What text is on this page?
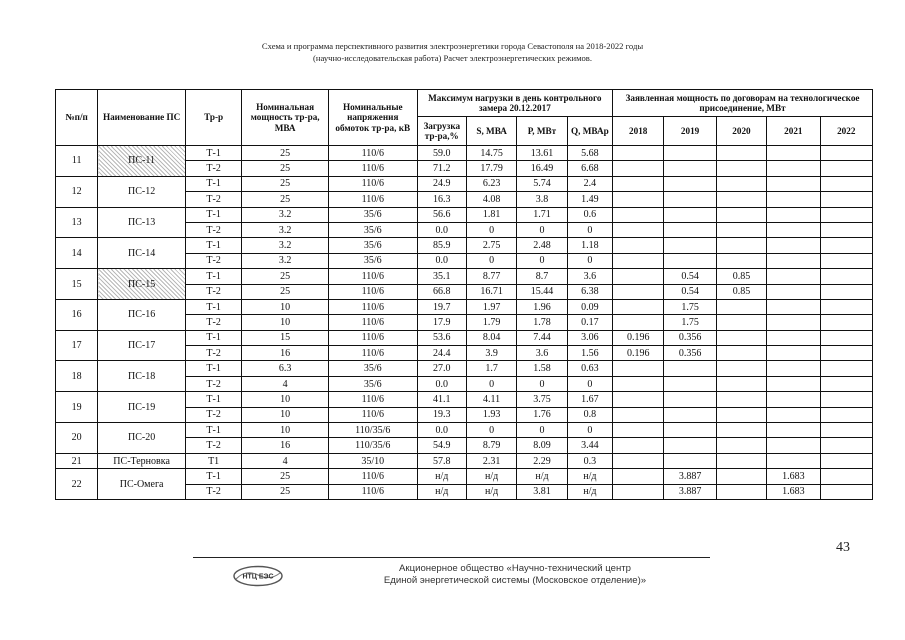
Схема и программа перспективного развития электроэнергетики города Севастополя на 2018-2022 годы
(научно-исследовательская работа) Расчет электроэнергетических режимов.
№п/п	Наименование ПС	Тр-р	Номинальная мощность тр-ра, МВА	Номинальные напряжения обмоток тр-ра, кВ	Максимум нагрузки в день контрольного замера 20.12.2017				Заявленная мощность по договорам на технологическое присоединение, МВт				
					Загрузка тр-ра,%	S, МВА	Р, МВт	Q, МВАр	2018	2019	2020	2021	2022
11	ПС-11	Т-1	25	110/6	59.0	14.75	13.61	5.68					
		Т-2	25	110/6	71.2	17.79	16.49	6.68					
12	ПС-12	Т-1	25	110/6	24.9	6.23	5.74	2.4					
		Т-2	25	110/6	16.3	4.08	3.8	1.49					
13	ПС-13	Т-1	3.2	35/6	56.6	1.81	1.71	0.6					
		Т-2	3.2	35/6	0.0	0	0	0					
14	ПС-14	Т-1	3.2	35/6	85.9	2.75	2.48	1.18					
		Т-2	3.2	35/6	0.0	0	0	0					
15	ПС-15	Т-1	25	110/6	35.1	8.77	8.7	3.6		0.54	0.85		
		Т-2	25	110/6	66.8	16.71	15.44	6.38		0.54	0.85		
16	ПС-16	Т-1	10	110/6	19.7	1.97	1.96	0.09		1.75			
		Т-2	10	110/6	17.9	1.79	1.78	0.17		1.75			
17	ПС-17	Т-1	15	110/6	53.6	8.04	7.44	3.06	0.196	0.356			
		Т-2	16	110/6	24.4	3.9	3.6	1.56	0.196	0.356			
18	ПС-18	Т-1	6.3	35/6	27.0	1.7	1.58	0.63					
		Т-2	4	35/6	0.0	0	0	0					
19	ПС-19	Т-1	10	110/6	41.1	4.11	3.75	1.67					
		Т-2	10	110/6	19.3	1.93	1.76	0.8					
20	ПС-20	Т-1	10	110/35/6	0.0	0	0	0					
		Т-2	16	110/35/6	54.9	8.79	8.09	3.44					
21	ПС-Терновка	Т1	4	35/10	57.8	2.31	2.29	0.3					
22	ПС-Омега	Т-1	25	110/6	н/д	н/д	н/д	н/д		3.887		1.683	
		Т-2	25	110/6	н/д	н/д	3.81	н/д		3.887		1.683	
43
НТЦ ЕЭС
Акционерное общество «Научно-технический центр
Единой энергетической системы (Московское отделение)»
